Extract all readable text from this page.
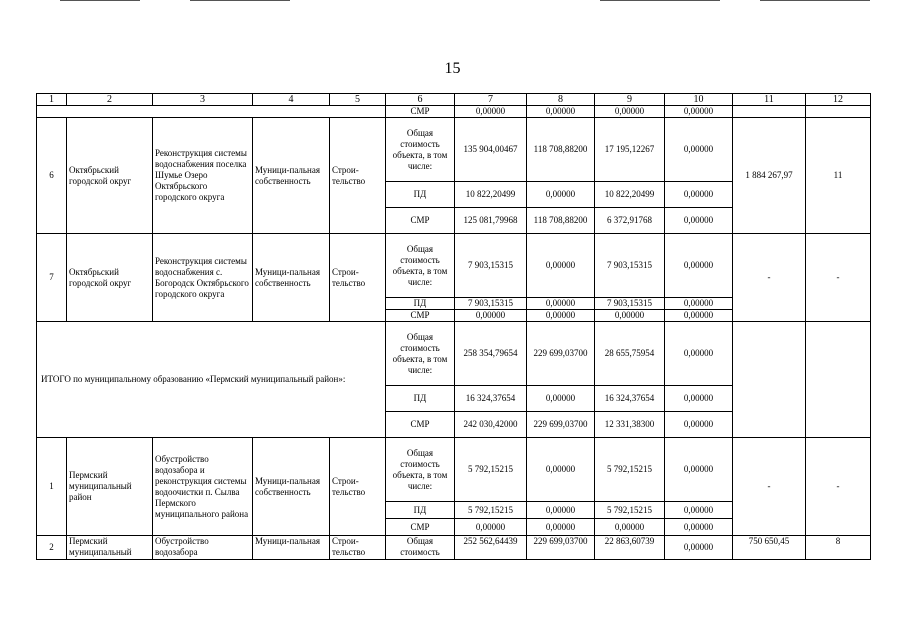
15
1	2	3	4	5	6	7	8	9	10	11	12
					СМР	0,00000	0,00000	0,00000	0,00000		
6	Октябрьский городской округ	Реконструкция системы водоснабжения поселка Шумье Озеро Октябрьского городского округа	Муници-пальная собственность	Строи-тельство	Общая стоимость объекта, в том числе:	135 904,00467	118 708,88200	17 195,12267	0,00000	1 884 267,97	11
					ПД	10 822,20499	0,00000	10 822,20499	0,00000		
					СМР	125 081,79968	118 708,88200	6 372,91768	0,00000		
7	Октябрьский городской округ	Реконструкция системы водоснабжения с. Богородск Октябрьского городского округа	Муници-пальная собственность	Строи-тельство	Общая стоимость объекта, в том числе:	7 903,15315	0,00000	7 903,15315	0,00000	-	-
					ПД	7 903,15315	0,00000	7 903,15315	0,00000		
					СМР	0,00000	0,00000	0,00000	0,00000		
ИТОГО по муниципальному образованию «Пермский муниципальный район»:					Общая стоимость объекта, в том числе:	258 354,79654	229 699,03700	28 655,75954	0,00000		
					ПД	16 324,37654	0,00000	16 324,37654	0,00000		
					СМР	242 030,42000	229 699,03700	12 331,38300	0,00000		
1	Пермский муниципальный район	Обустройство водозабора и реконструкция системы водоочистки п. Сылва Пермского муниципального района	Муници-пальная собственность	Строи-тельство	Общая стоимость объекта, в том числе:	5 792,15215	0,00000	5 792,15215	0,00000	-	-
					ПД	5 792,15215	0,00000	5 792,15215	0,00000		
					СМР	0,00000	0,00000	0,00000	0,00000		
2	Пермский муниципальный	Обустройство водозабора	Муници-пальная	Строи-тельство	Общая стоимость	252 562,64439	229 699,03700	22 863,60739	0,00000	750 650,45	8
